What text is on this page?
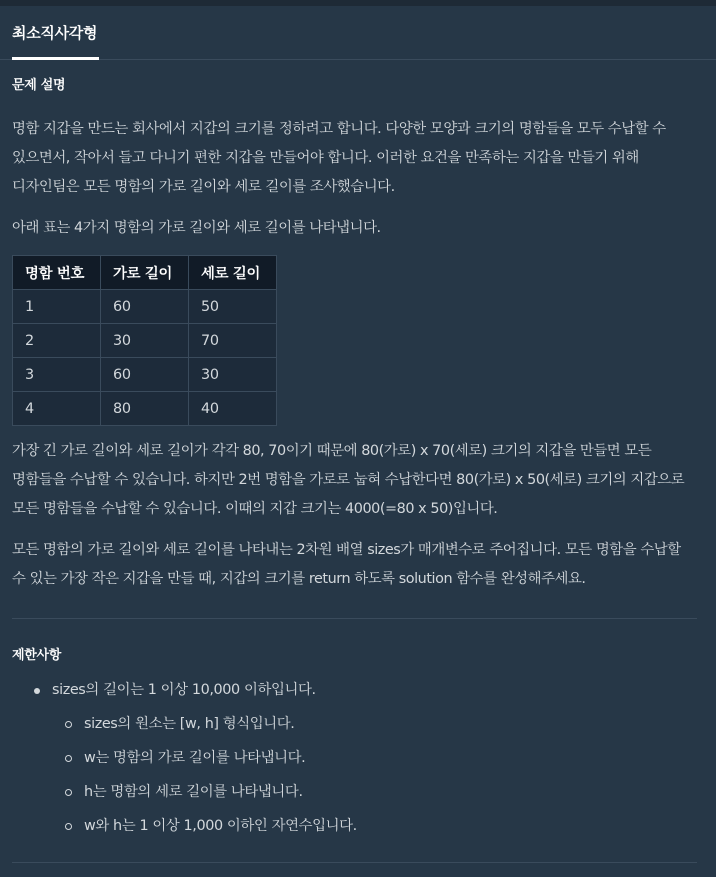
최소직사각형
문제 설명

명함 지갑을 만드는 회사에서 지갑의 크기를 정하려고 합니다. 다양한 모양과 크기의 명함들을 모두 수납할 수 있으면서, 작아서 들고 다니기 편한 지갑을 만들어야 합니다. 이러한 요건을 만족하는 지갑을 만들기 위해 디자인팀은 모든 명함의 가로 길이와 세로 길이를 조사했습니다.

아래 표는 4가지 명함의 가로 길이와 세로 길이를 나타냅니다.

명함 번호	가로 길이	세로 길이
1	60	50
2	30	70
3	60	30
4	80	40

가장 긴 가로 길이와 세로 길이가 각각 80, 70이기 때문에 80(가로) x 70(세로) 크기의 지갑을 만들면 모든 명함들을 수납할 수 있습니다. 하지만 2번 명함을 가로로 눕혀 수납한다면 80(가로) x 50(세로) 크기의 지갑으로 모든 명함들을 수납할 수 있습니다. 이때의 지갑 크기는 4000(=80 x 50)입니다.

모든 명함의 가로 길이와 세로 길이를 나타내는 2차원 배열 sizes가 매개변수로 주어집니다. 모든 명함을 수납할 수 있는 가장 작은 지갑을 만들 때, 지갑의 크기를 return 하도록 solution 함수를 완성해주세요.

제한사항
sizes의 길이는 1 이상 10,000 이하입니다.
sizes의 원소는 [w, h] 형식입니다.
w는 명함의 가로 길이를 나타냅니다.
h는 명함의 세로 길이를 나타냅니다.
w와 h는 1 이상 1,000 이하인 자연수입니다.
